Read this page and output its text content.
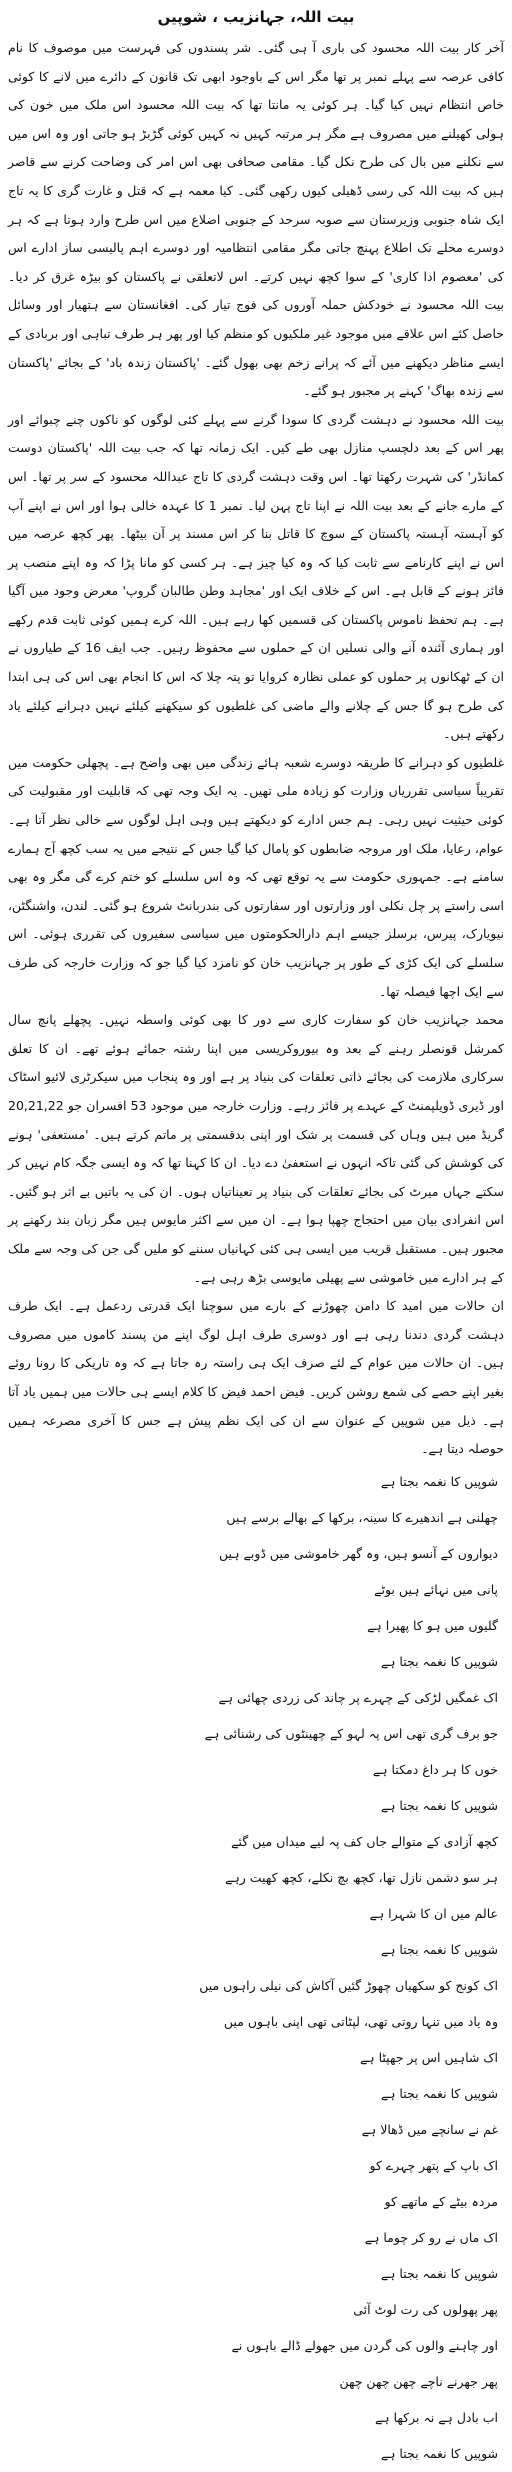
بیت اللہ، جہانزیب ، شوپیں

آخر کار بیت اللہ محسود کی باری آ ہی گئی۔ شر پسندوں کی فہرست میں موصوف کا نام کافی عرصہ سے پہلے نمبر پر تھا مگر اس کے باوجود ابھی تک قانون کے دائرے میں لانے کا کوئی خاص انتظام نہیں کیا گیا۔ ہر کوئی یہ مانتا تھا کہ بیت اللہ محسود اس ملک میں خون کی ہولی کھیلنے میں مصروف ہے مگر ہر مرتبہ کہیں نہ کہیں کوئی گڑبڑ ہو جاتی اور وہ اس میں سے نکلنے میں بال کی طرح نکل گیا۔ مقامی صحافی بھی اس امر کی وضاحت کرنے سے قاصر ہیں کہ بیت اللہ کی رسی ڈھیلی کیوں رکھی گئی۔ کیا معمہ ہے کہ قتل و غارت گری کا یہ تاج ایک شاہ جنوبی وزیرستان سے صوبہ سرحد کے جنوبی اضلاع میں اس طرح وارد ہوتا ہے کہ ہر دوسرے محلے تک اطلاع پہنچ جاتی مگر مقامی انتظامیہ اور دوسرے اہم پالیسی ساز ادارے اس کی 'معصوم ادا کاری' کے سوا کچھ نہیں کرتے۔ اس لاتعلقی نے پاکستان کو بیڑہ غرق کر دیا۔ بیت اللہ محسود نے خودکش حملہ آوروں کی فوج تیار کی۔ افغانستان سے ہتھیار اور وسائل حاصل کئے اس علاقے میں موجود غیر ملکیوں کو منظم کیا اور پھر ہر طرف تباہی اور بربادی کے ایسے مناظر دیکھنے میں آئے کہ پرانے زخم بھی بھول گئے۔ 'پاکستان زندہ باد' کے بجائے 'پاکستان سے زندہ بھاگ' کہنے پر مجبور ہو گئے۔

بیت اللہ محسود نے دہشت گردی کا سودا گرنے سے پہلے کئی لوگوں کو ناکوں چنے چبوائے اور پھر اس کے بعد دلچسپ منازل بھی طے کیں۔ ایک زمانہ تھا کہ جب بیت اللہ 'پاکستان دوست کمانڈر' کی شہرت رکھتا تھا۔ اس وقت دہشت گردی کا تاج عبداللہ محسود کے سر پر تھا۔ اس کے مارے جانے کے بعد بیت اللہ نے اپنا تاج پہن لیا۔ نمبر 1 کا عہدہ خالی ہوا اور اس نے اپنے آپ کو آہستہ آہستہ پاکستان کے سوچ کا قاتل بنا کر اس مسند پر آن بیٹھا۔ پھر کچھ عرصہ میں اس نے اپنے کارنامے سے ثابت کیا کہ وہ کیا چیز ہے۔ ہر کسی کو مانا پڑا کہ وہ اپنے منصب پر فائز ہونے کے قابل ہے۔ اس کے خلاف ایک اور 'مجاہد وطن طالبان گروپ' معرض وجود میں آگیا ہے۔ ہم تحفظ ناموس پاکستان کی قسمیں کھا رہے ہیں۔ اللہ کرے ہمیں کوئی ثابت قدم رکھے اور ہماری آئندہ آنے والی نسلیں ان کے حملوں سے محفوظ رہیں۔ جب ایف 16 کے طیاروں نے ان کے ٹھکانوں پر حملوں کو عملی نظارہ کروایا تو پتہ چلا کہ اس کا انجام بھی اس کی ہی ابتدا کی طرح ہو گا جس کے چلانے والے ماضی کی غلطیوں کو سیکھنے کیلئے نہیں دہرانے کیلئے یاد رکھتے ہیں۔

غلطیوں کو دہرانے کا طریقہ دوسرے شعبہ ہائے زندگی میں بھی واضح ہے۔ پچھلی حکومت میں تقریباً سیاسی تقرریاں وزارت کو زیادہ ملی تھیں۔ یہ ایک وجہ تھی کہ قابلیت اور مقبولیت کی کوئی حیثیت نہیں رہی۔ ہم جس ادارے کو دیکھتے ہیں وہی اہل لوگوں سے خالی نظر آتا ہے۔ عوام، رعایا، ملک اور مروجہ ضابطوں کو پامال کیا گیا جس کے نتیجے میں یہ سب کچھ آج ہمارے سامنے ہے۔ جمہوری حکومت سے یہ توقع تھی کہ وہ اس سلسلے کو ختم کرے گی مگر وہ بھی اسی راستے پر چل نکلی اور وزارتوں اور سفارتوں کی بندربانٹ شروع ہو گئی۔ لندن، واشنگٹن، نیویارک، پیرس، برسلز جیسے اہم دارالحکومتوں میں سیاسی سفیروں کی تقرری ہوئی۔ اس سلسلے کی ایک کڑی کے طور پر جہانزیب خان کو نامزد کیا گیا جو کہ وزارت خارجہ کی طرف سے ایک اچھا فیصلہ تھا۔

محمد جہانزیب خان کو سفارت کاری سے دور کا بھی کوئی واسطہ نہیں۔ پچھلے پانچ سال کمرشل قونصلر رہنے کے بعد وہ بیوروکریسی میں اپنا رشتہ جمائے ہوئے تھے۔ ان کا تعلق سرکاری ملازمت کی بجائے ذاتی تعلقات کی بنیاد پر ہے اور وہ پنجاب میں سیکرٹری لائیو اسٹاک اور ڈیری ڈویلپمنٹ کے عہدے پر فائز رہے۔ وزارت خارجہ میں موجود 53 افسران جو 20,21,22 گریڈ میں ہیں وہاں کی قسمت پر شک اور اپنی بدقسمتی پر ماتم کرتے ہیں۔ 'مستعفی' ہونے کی کوشش کی گئی تاکہ انہوں نے استعفیٰ دے دیا۔ ان کا کہنا تھا کہ وہ ایسی جگہ کام نہیں کر سکتے جہاں میرٹ کی بجائے تعلقات کی بنیاد پر تعیناتیاں ہوں۔ ان کی یہ باتیں بے اثر ہو گئیں۔ اس انفرادی بیان میں احتجاج چھپا ہوا ہے۔ ان میں سے اکثر مایوس ہیں مگر زبان بند رکھنے پر مجبور ہیں۔ مستقبل قریب میں ایسی ہی کئی کہانیاں سننے کو ملیں گی جن کی وجہ سے ملک کے ہر ادارے میں خاموشی سے پھیلی مایوسی بڑھ رہی ہے۔

ان حالات میں امید کا دامن چھوڑنے کے بارے میں سوچنا ایک قدرتی ردعمل ہے۔ ایک طرف دہشت گردی دندنا رہی ہے اور دوسری طرف اہل لوگ اپنے من پسند کاموں میں مصروف ہیں۔ ان حالات میں عوام کے لئے صرف ایک ہی راستہ رہ جاتا ہے کہ وہ تاریکی کا رونا روئے بغیر اپنے حصے کی شمع روشن کریں۔ فیض احمد فیض کا کلام ایسے ہی حالات میں ہمیں یاد آتا ہے۔ ذیل میں شوپیں کے عنوان سے ان کی ایک نظم پیش ہے جس کا آخری مصرعہ ہمیں حوصلہ دیتا ہے۔

شوپیں کا نغمہ بجتا ہے

چھلنی ہے اندھیرے کا سینہ، برکھا کے بھالے برسے ہیں

دیواروں کے آنسو ہیں، وہ گھر خاموشی میں ڈوبے ہیں

پانی میں نہائے ہیں بوٹے

گلیوں میں ہو کا پھیرا ہے

شوپیں کا نغمہ بجتا ہے

اک غمگیں لڑکی کے چہرے پر چاند کی زردی چھائی ہے

جو برف گری تھی اس پہ لہو کے چھینٹوں کی رشنائی ہے

خوں کا ہر داغ دمکتا ہے

شوپیں کا نغمہ بجتا ہے

کچھ آزادی کے متوالے جاں کف پہ لیے میداں میں گئے

ہر سو دشمن نازل تھا، کچھ بچ نکلے، کچھ کھیت رہے

عالم میں ان کا شہرا ہے

شوپیں کا نغمہ بجتا ہے

اک کونج کو سکھیاں چھوڑ گئیں آکاش کی نیلی راہوں میں

وہ یاد میں تنہا روتی تھی، لپٹاتی تھی اپنی باہوں میں

اک شاہیں اس پر جھپٹا ہے

شوپیں کا نغمہ بجتا ہے

غم نے سانچے میں ڈھالا ہے

اک باپ کے پتھر چہرے کو

مردہ بیٹے کے ماتھے کو

اک ماں نے رو کر چوما ہے

شوپیں کا نغمہ بجتا ہے

پھر پھولوں کی رت لوٹ آئی

اور چاہنے والوں کی گردن میں جھولے ڈالے باہوں نے

پھر جھرنے ناچے چھن چھن چھن

اب بادل ہے نہ برکھا ہے

شوپیں کا نغمہ بجتا ہے
